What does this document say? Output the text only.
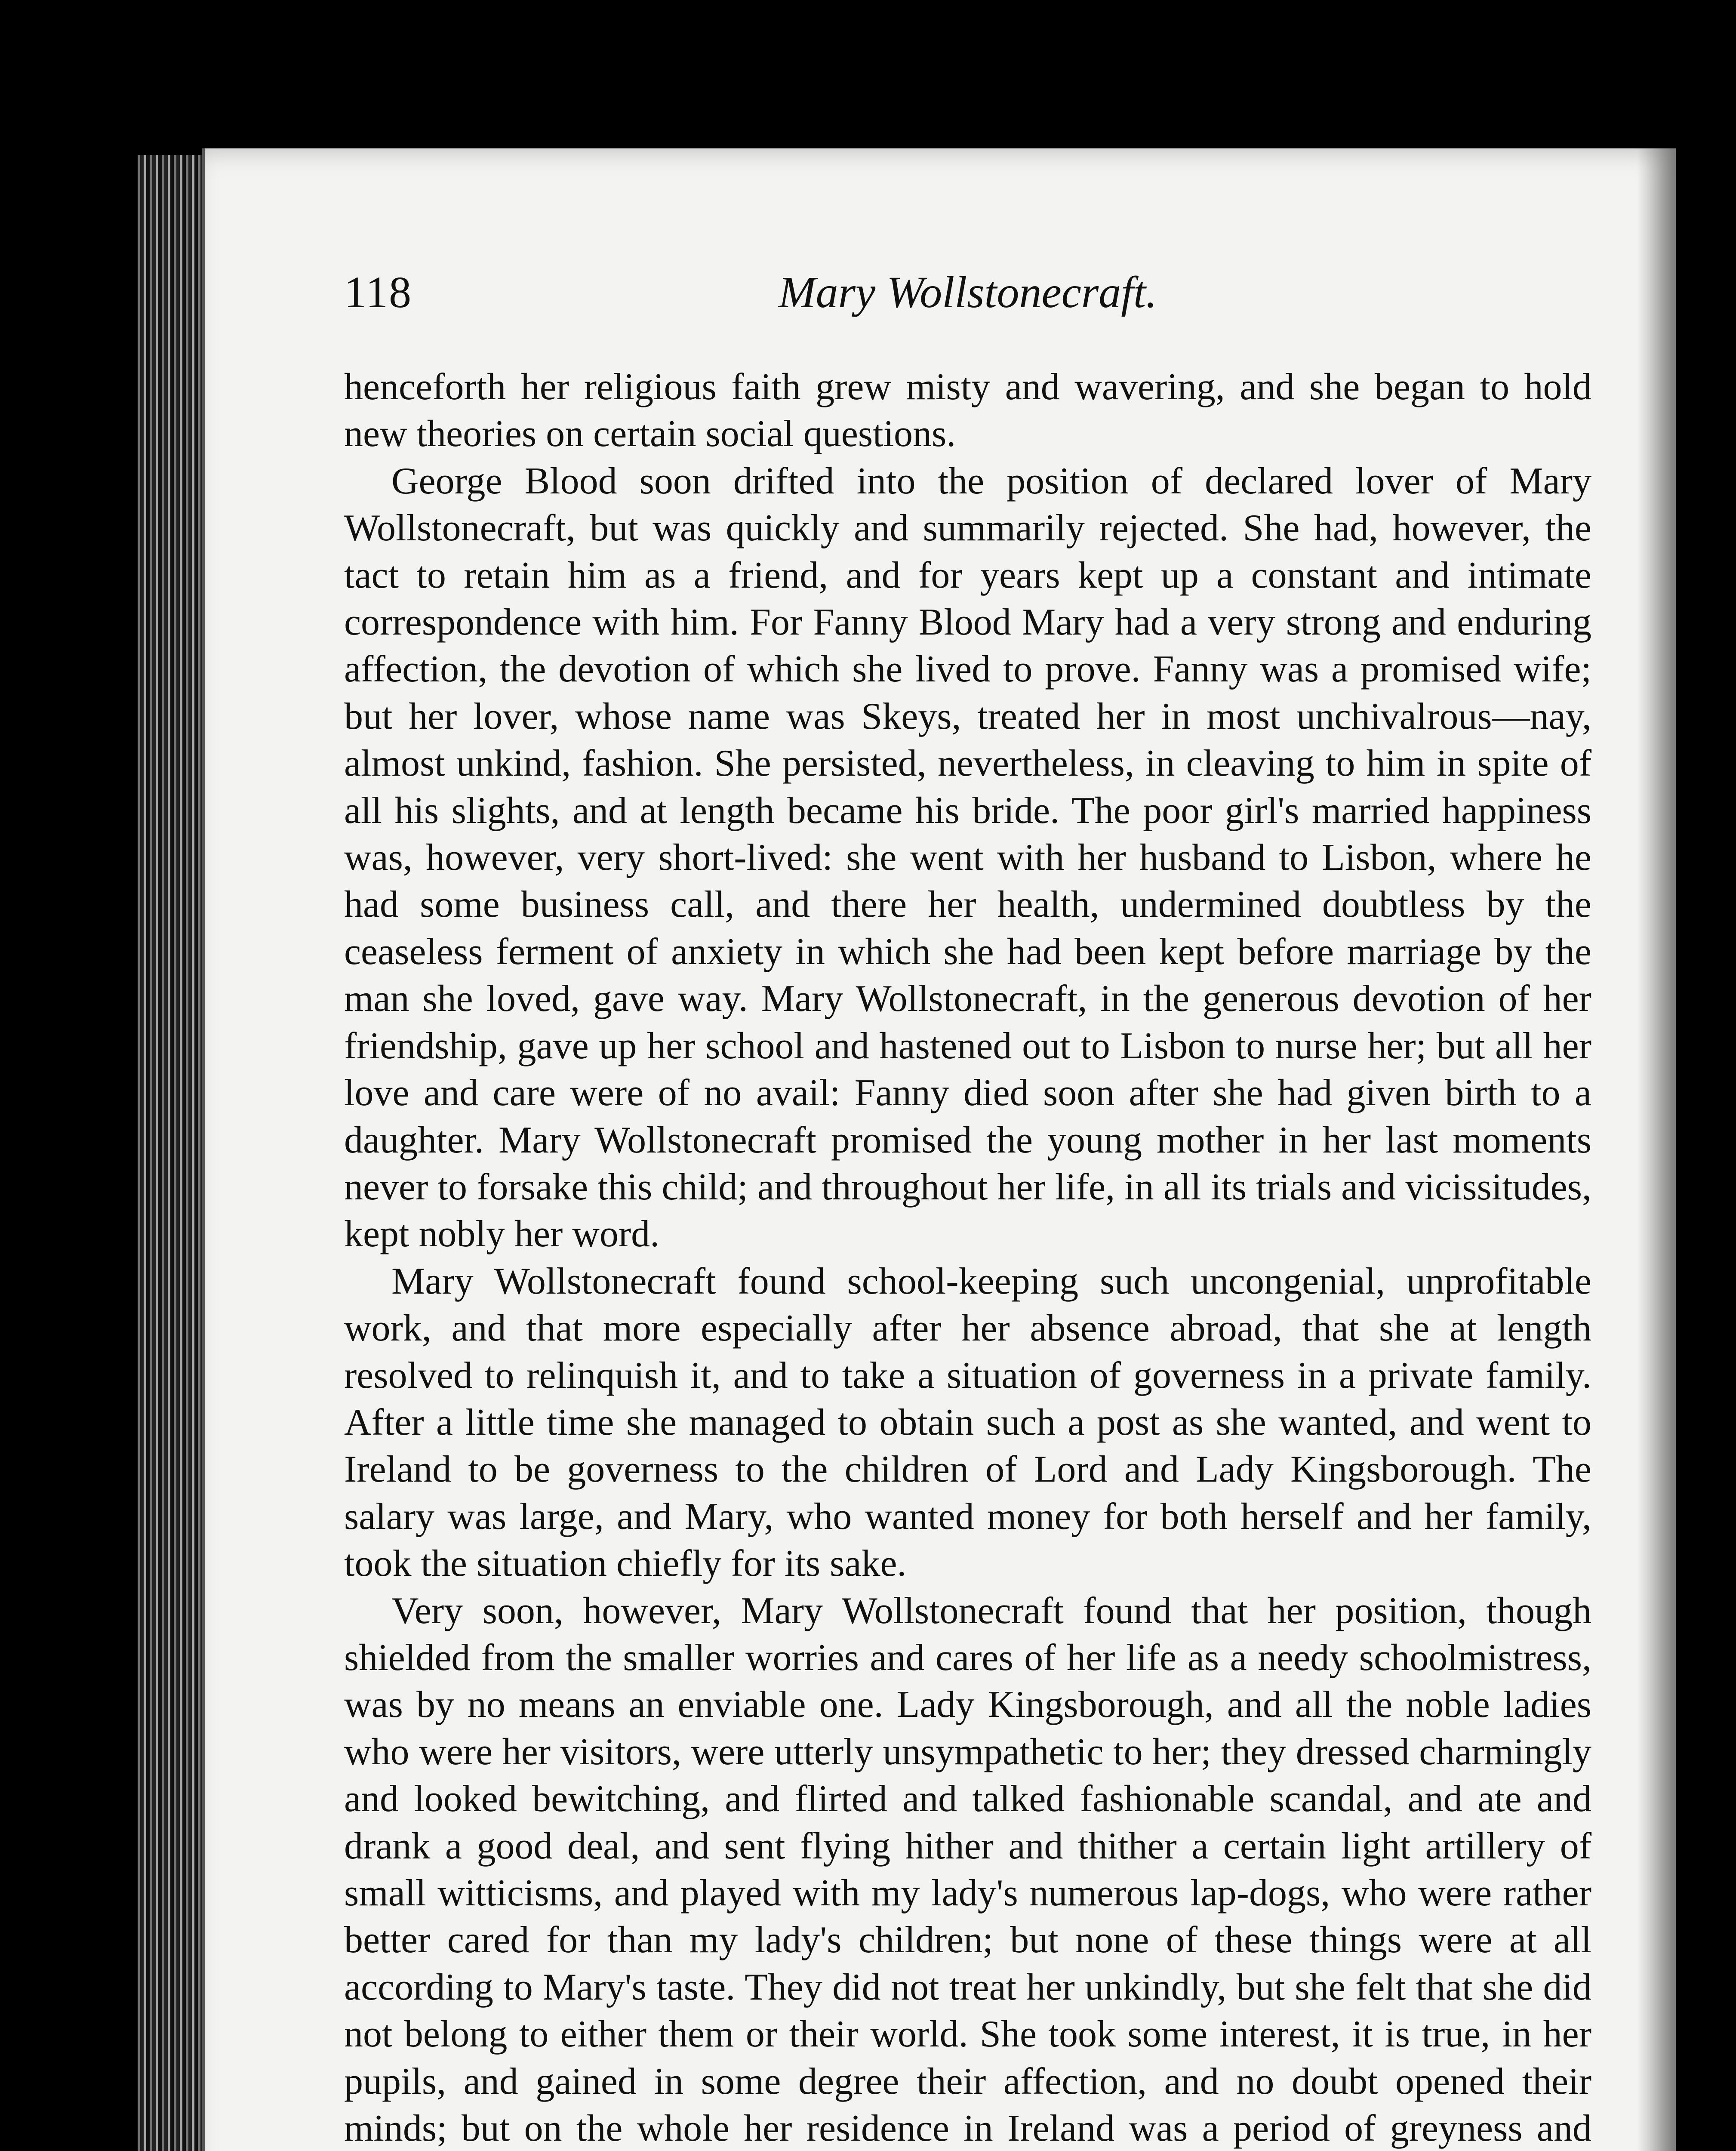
118	Mary Wollstonecraft.

henceforth her religious faith grew misty and wavering, and she began to hold new theories on certain social questions.

George Blood soon drifted into the position of declared lover of Mary Wollstonecraft, but was quickly and summarily rejected. She had, however, the tact to retain him as a friend, and for years kept up a constant and intimate correspondence with him. For Fanny Blood Mary had a very strong and enduring affection, the devotion of which she lived to prove. Fanny was a promised wife; but her lover, whose name was Skeys, treated her in most unchivalrous—nay, almost unkind, fashion. She persisted, nevertheless, in cleaving to him in spite of all his slights, and at length became his bride. The poor girl's married happiness was, however, very short-lived: she went with her husband to Lisbon, where he had some business call, and there her health, undermined doubtless by the ceaseless ferment of anxiety in which she had been kept before marriage by the man she loved, gave way. Mary Wollstonecraft, in the generous devotion of her friendship, gave up her school and hastened out to Lisbon to nurse her; but all her love and care were of no avail: Fanny died soon after she had given birth to a daughter. Mary Wollstonecraft promised the young mother in her last moments never to forsake this child; and throughout her life, in all its trials and vicissitudes, kept nobly her word.

Mary Wollstonecraft found school-keeping such uncongenial, unprofitable work, and that more especially after her absence abroad, that she at length resolved to relinquish it, and to take a situation of governess in a private family. After a little time she managed to obtain such a post as she wanted, and went to Ireland to be governess to the children of Lord and Lady Kingsborough. The salary was large, and Mary, who wanted money for both herself and her family, took the situation chiefly for its sake.

Very soon, however, Mary Wollstonecraft found that her position, though shielded from the smaller worries and cares of her life as a needy schoolmistress, was by no means an enviable one. Lady Kingsborough, and all the noble ladies who were her visitors, were utterly unsympathetic to her; they dressed charmingly and looked bewitching, and flirted and talked fashionable scandal, and ate and drank a good deal, and sent flying hither and thither a certain light artillery of small witticisms, and played with my lady's numerous lap-dogs, who were rather better cared for than my lady's children; but none of these things were at all according to Mary's taste. They did not treat her unkindly, but she felt that she did not belong to either them or their world. She took some interest, it is true, in her pupils, and gained in some degree their affection, and no doubt opened their minds; but on the whole her residence in Ireland was a period of greyness and
